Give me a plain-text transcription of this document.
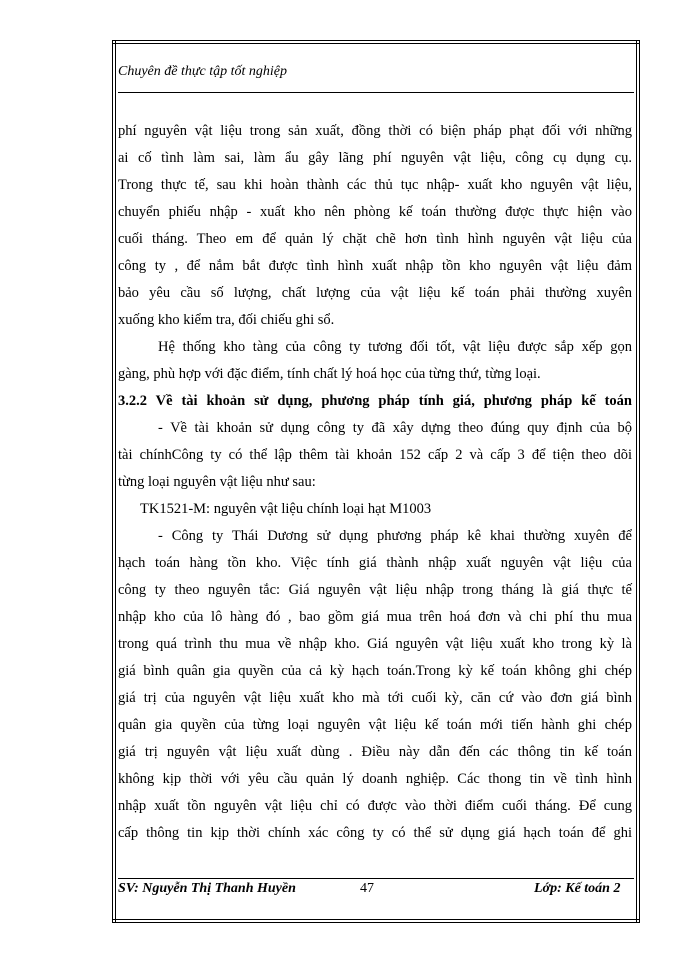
Chuyên đề thực tập tốt nghiệp

phí nguyên vật liệu trong sản xuất, đồng thời có biện pháp phạt đối với những

ai cố tình làm sai, làm ẩu gây lãng phí nguyên vật liệu, công cụ dụng cụ.

Trong thực tế, sau khi hoàn thành các thủ tục nhập- xuất kho nguyên vật liệu,

chuyển phiếu nhập - xuất kho nên phòng kế toán thường được thực hiện vào

cuối tháng. Theo em để quản lý chặt chẽ hơn tình hình nguyên vật liệu của

công ty , để nắm bắt được tình hình xuất nhập tồn kho nguyên vật liệu đảm

bảo yêu cầu số lượng, chất lượng của vật liệu kế toán phải thường xuyên

xuống kho kiểm tra, đối chiếu ghi sổ.

Hệ thống kho tàng của công ty tương đối tốt, vật liệu được sắp xếp gọn

gàng, phù hợp với đặc điểm, tính chất lý hoá học của từng thứ, từng loại.

3.2.2 Về tài khoản sử dụng, phương pháp tính giá, phương pháp kế toán

- Về tài khoản sử dụng công ty đã xây dựng theo đúng quy định của bộ

tài chínhCông ty có thể lập thêm tài khoản 152 cấp 2 và cấp 3 để tiện theo dõi

từng loại nguyên vật liệu như sau:

TK1521-M: nguyên vật liệu chính loại hạt M1003

- Công ty Thái Dương sử dụng phương pháp kê khai thường xuyên để

hạch toán hàng tồn kho. Việc tính giá thành nhập xuất nguyên vật liệu của

công ty theo nguyên tắc: Giá nguyên vật liệu nhập trong tháng là giá thực tế

nhập kho của lô hàng đó , bao gồm giá mua trên hoá đơn và chi phí thu mua

trong quá trình thu mua về nhập kho. Giá nguyên vật liệu xuất kho trong kỳ là

giá bình quân gia quyền của cả kỳ hạch toán.Trong kỳ kế toán không ghi chép

giá trị của nguyên vật liệu xuất kho mà tới cuối kỳ, căn cứ vào đơn giá bình

quân gia quyền của từng loại nguyên vật liệu kế toán mới tiến hành ghi chép

giá trị nguyên vật liệu xuất dùng . Điều này dẫn đến các thông tin kế toán

không kịp thời với yêu cầu quản lý doanh nghiệp. Các thong tin về tình hình

nhập xuất tồn nguyên vật liệu chỉ có được vào thời điểm cuối tháng. Để cung

cấp thông tin kịp thời chính xác công ty có thể sử dụng giá hạch toán để ghi

SV: Nguyễn Thị Thanh Huyền	47	Lớp: Kế toán 2
